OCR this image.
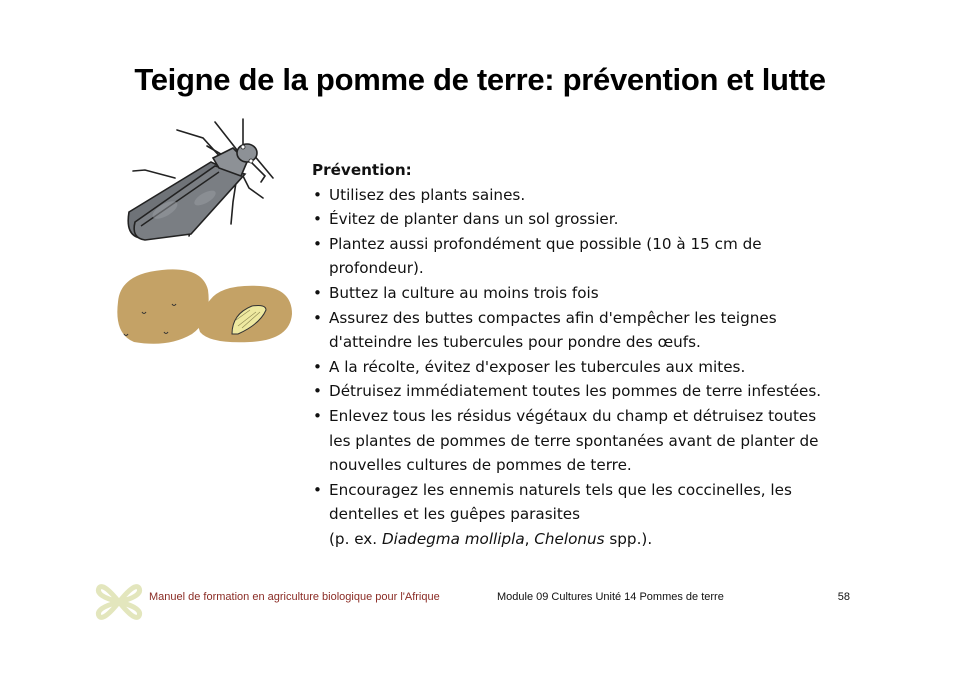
Teigne de la pomme de terre: prévention et lutte
Prévention:
• Utilisez des plants saines.
• Évitez de planter dans un sol grossier.
• Plantez aussi profondément que possible (10 à 15 cm de profondeur).
• Buttez la culture au moins trois fois
• Assurez des buttes compactes afin d'empêcher les teignes d'atteindre les tubercules pour pondre des œufs.
• A la récolte, évitez d'exposer les tubercules aux mites.
• Détruisez immédiatement toutes les pommes de terre infestées.
• Enlevez tous les résidus végétaux du champ et détruisez toutes les plantes de pommes de terre spontanées avant de planter de nouvelles cultures de pommes de terre.
• Encouragez les ennemis naturels tels que les coccinelles, les dentelles et les guêpes parasites
(p. ex. Diadegma mollipla, Chelonus spp.).
Manuel de formation en agriculture biologique pour l'Afrique	Module 09 Cultures Unité 14 Pommes de terre	58
